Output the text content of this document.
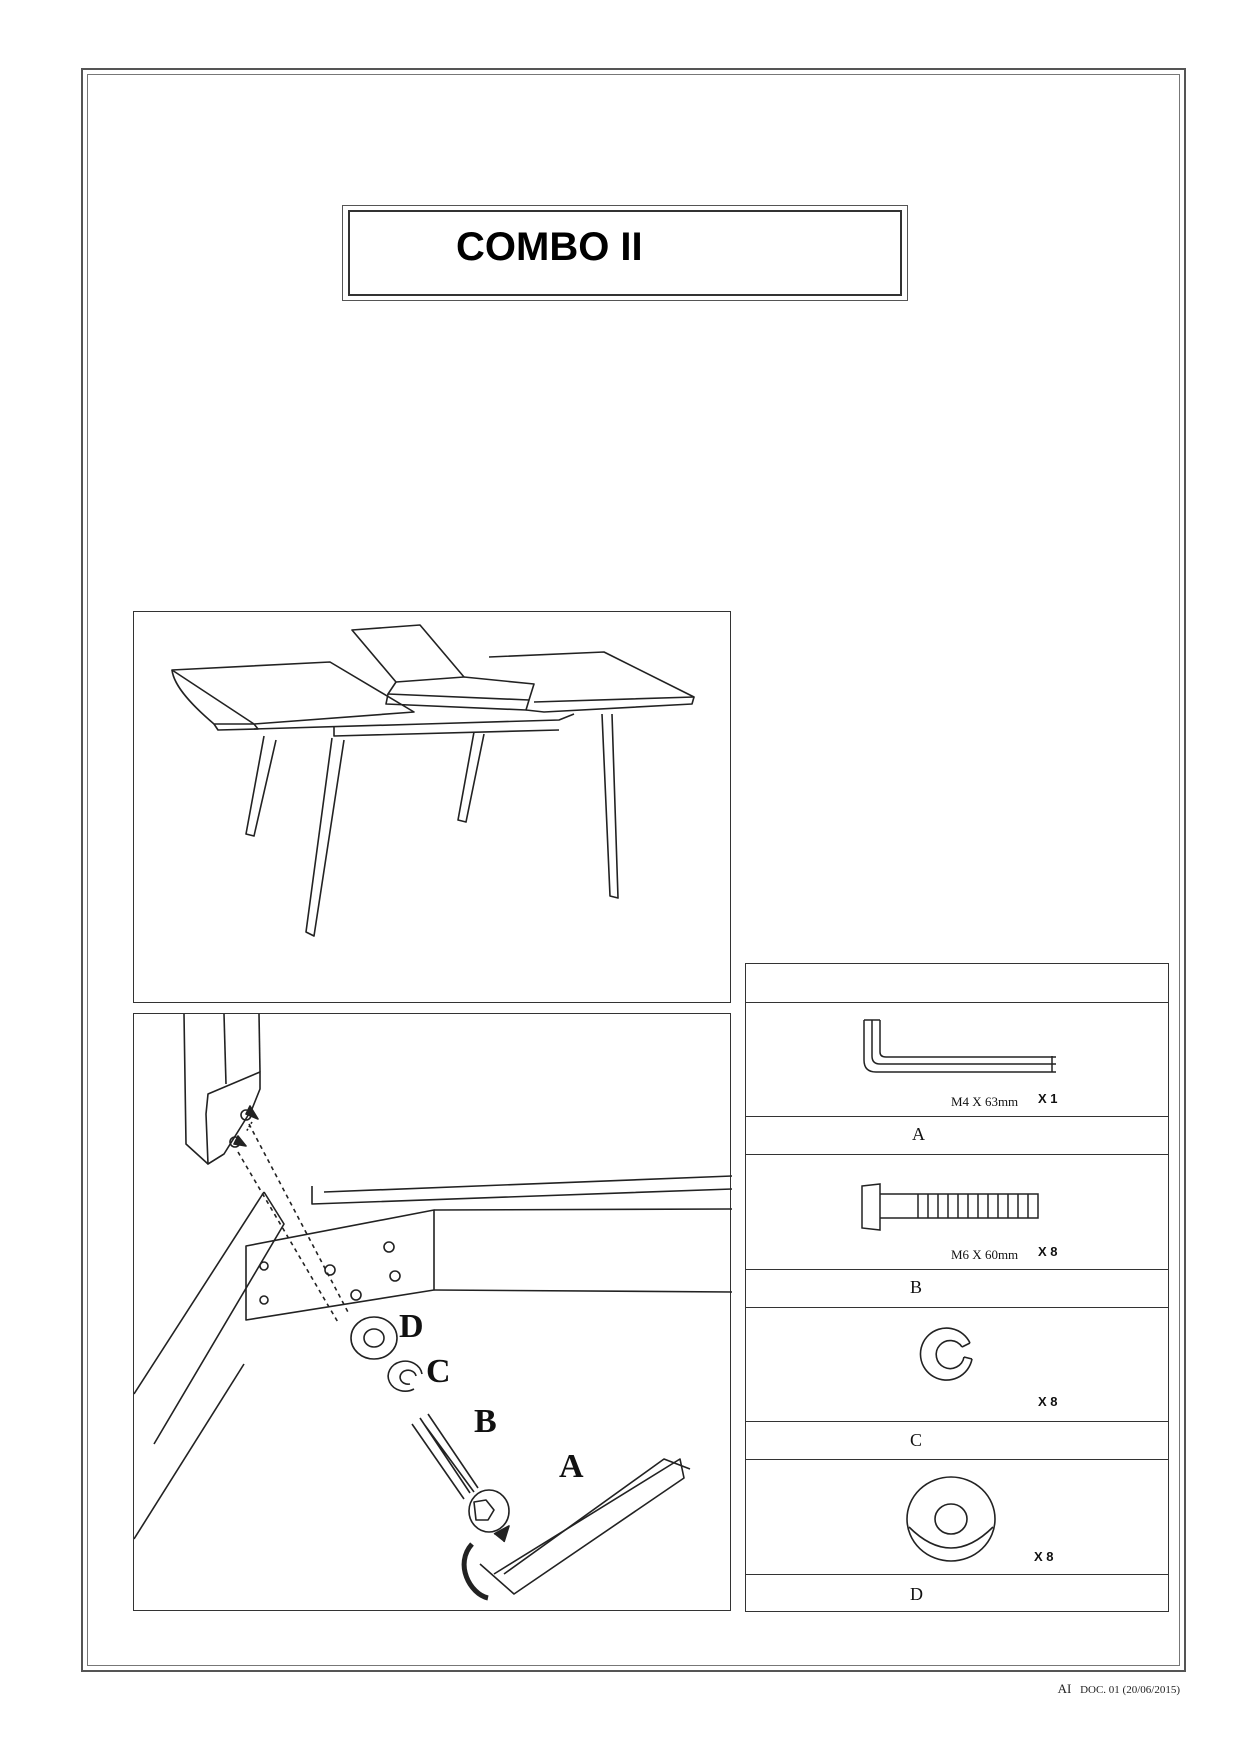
COMBO II
D
C
B
A
M4 X 63mm X 1
A
M6 X 60mm X 8
B
X 8
C
X 8
D
AI DOC. 01 (20/06/2015)
